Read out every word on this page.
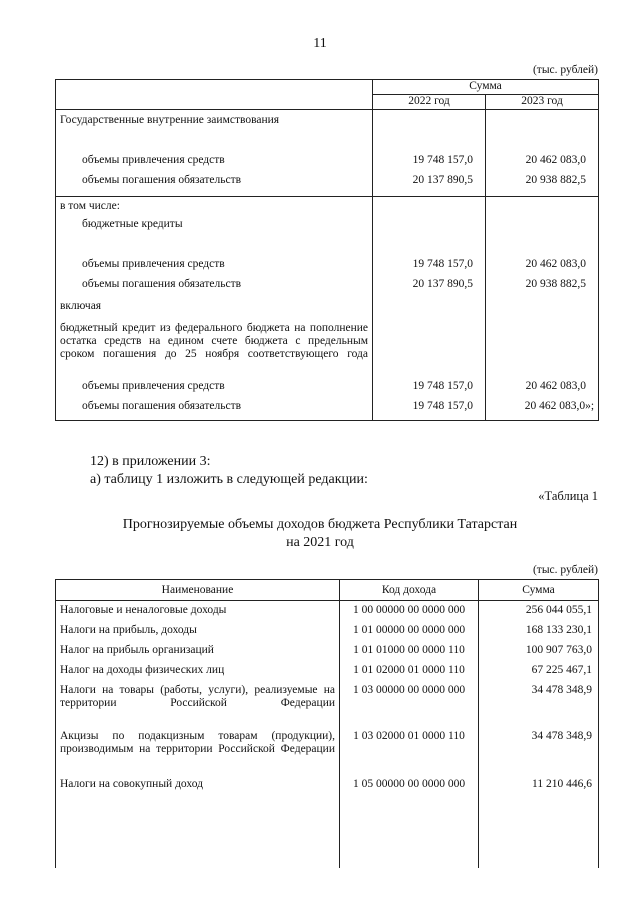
11
(тыс. рублей)
	Сумма	
	2022 год	2023 год
Государственные внутренние заимствования		
объемы привлечения средств	19 748 157,0	20 462 083,0
объемы погашения обязательств	20 137 890,5	20 938 882,5
в том числе:		
бюджетные кредиты		
объемы привлечения средств	19 748 157,0	20 462 083,0
объемы погашения обязательств	20 137 890,5	20 938 882,5
включая		
бюджетный кредит из федерального бюджета на пополнение остатка средств на едином счете бюджета с предельным сроком погашения до 25 ноября соответствующего года		
объемы привлечения средств	19 748 157,0	20 462 083,0
объемы погашения обязательств	19 748 157,0	20 462 083,0»;
12) в приложении 3:
а) таблицу 1 изложить в следующей редакции:
«Таблица 1
Прогнозируемые объемы доходов бюджета Республики Татарстан
на 2021 год
(тыс. рублей)
Наименование	Код дохода	Сумма
Налоговые и неналоговые доходы	1 00 00000 00 0000 000	256 044 055,1
Налоги на прибыль, доходы	1 01 00000 00 0000 000	168 133 230,1
Налог на прибыль организаций	1 01 01000 00 0000 110	100 907 763,0
Налог на доходы физических лиц	1 01 02000 01 0000 110	67 225 467,1
Налоги на товары (работы, услуги), реализуемые на территории Российской Федерации	1 03 00000 00 0000 000	34 478 348,9
Акцизы по подакцизным товарам (продукции), производимым на территории Российской Федерации	1 03 02000 01 0000 110	34 478 348,9
Налоги на совокупный доход	1 05 00000 00 0000 000	11 210 446,6
